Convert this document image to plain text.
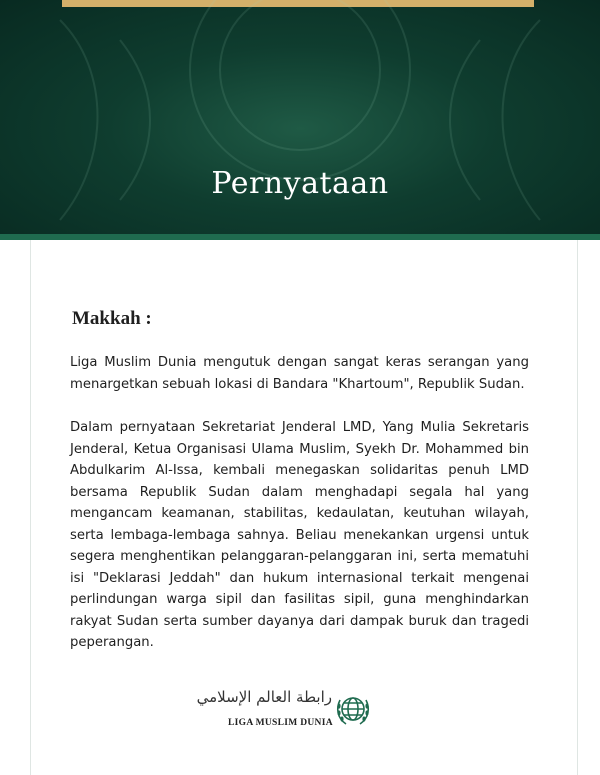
Pernyataan
Makkah :

Liga Muslim Dunia mengutuk dengan sangat keras serangan yang menargetkan sebuah lokasi di Bandara "Khartoum", Republik Sudan.

Dalam pernyataan Sekretariat Jenderal LMD, Yang Mulia Sekretaris Jenderal, Ketua Organisasi Ulama Muslim, Syekh Dr. Mohammed bin Abdulkarim Al-Issa, kembali menegaskan solidaritas penuh LMD bersama Republik Sudan dalam menghadapi segala hal yang mengancam keamanan, stabilitas, kedaulatan, keutuhan wilayah, serta lembaga-lembaga sahnya. Beliau menekankan urgensi untuk segera menghentikan pelanggaran-pelanggaran ini, serta mematuhi isi "Deklarasi Jeddah" dan hukum internasional terkait mengenai perlindungan warga sipil dan fasilitas sipil, guna menghindarkan rakyat Sudan serta sumber dayanya dari dampak buruk dan tragedi peperangan.

رابطة العالم الإسلامي
LIGA MUSLIM DUNIA
